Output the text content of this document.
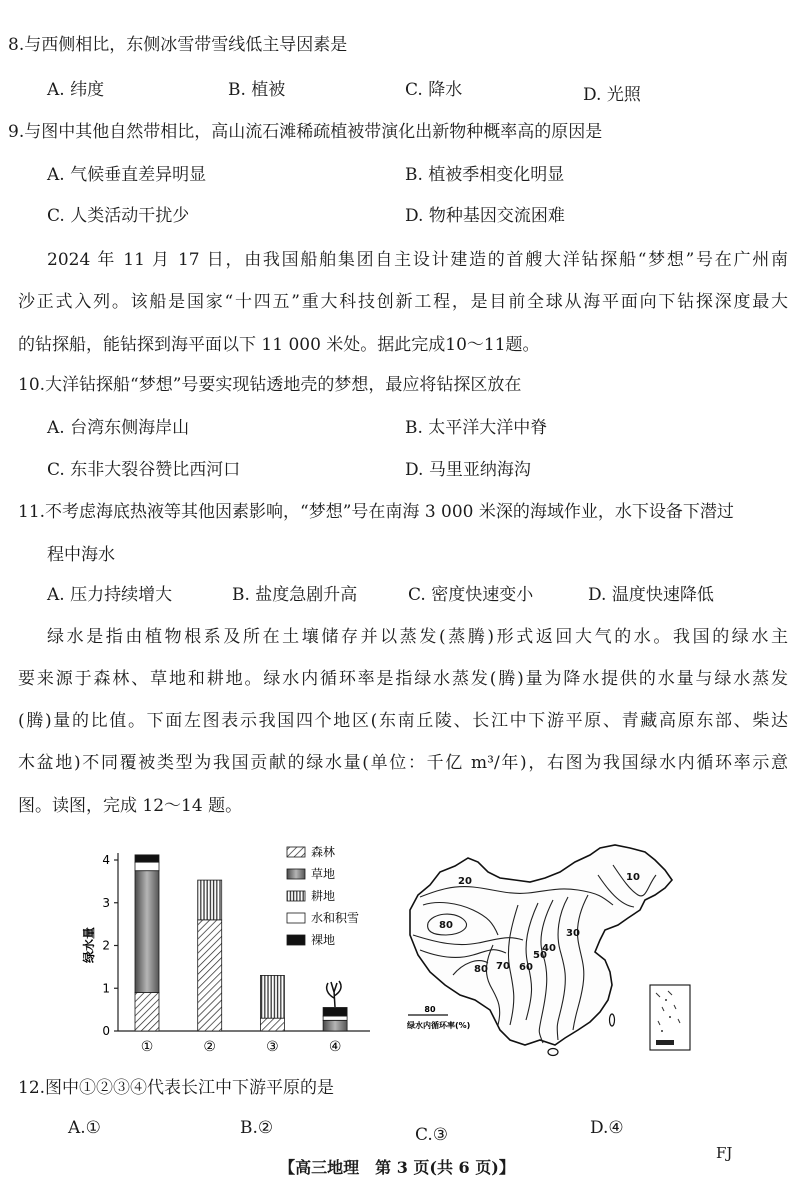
8.与西侧相比，东侧冰雪带雪线低主导因素是
A. 纬度	B. 植被	C. 降水	D. 光照
9.与图中其他自然带相比，高山流石滩稀疏植被带演化出新物种概率高的原因是
A. 气候垂直差异明显	B. 植被季相变化明显
C. 人类活动干扰少	D. 物种基因交流困难
2024 年 11 月 17 日，由我国船舶集团自主设计建造的首艘大洋钻探船“梦想”号在广州南
沙正式入列。该船是国家“十四五”重大科技创新工程，是目前全球从海平面向下钻探深度最大
的钻探船，能钻探到海平面以下 11 000 米处。据此完成10～11题。
10.大洋钻探船“梦想”号要实现钻透地壳的梦想，最应将钻探区放在
A. 台湾东侧海岸山	B. 太平洋大洋中脊
C. 东非大裂谷赞比西河口	D. 马里亚纳海沟
11.不考虑海底热液等其他因素影响，“梦想”号在南海 3 000 米深的海域作业，水下设备下潜过
程中海水
A. 压力持续增大	B. 盐度急剧升高	C. 密度快速变小	D. 温度快速降低
绿水是指由植物根系及所在土壤储存并以蒸发(蒸腾)形式返回大气的水。我国的绿水主
要来源于森林、草地和耕地。绿水内循环率是指绿水蒸发(腾)量为降水提供的水量与绿水蒸发
(腾)量的比值。下面左图表示我国四个地区(东南丘陵、长江中下游平原、青藏高原东部、柴达
木盆地)不同覆被类型为我国贡献的绿水量(单位：千亿 m³/年)，右图为我国绿水内循环率示意
图。读图，完成 12～14 题。
绿水量
0
1
2
3
4
①	②	③	④
森林
草地
耕地
水和积雪
裸地
20	10
80
30
40
50
60
70
80
80
绿水内循环率(%)
12.图中①②③④代表长江中下游平原的是
A.①	B.②	C.③	D.④
FJ
【高三地理　第 3 页(共 6 页)】
